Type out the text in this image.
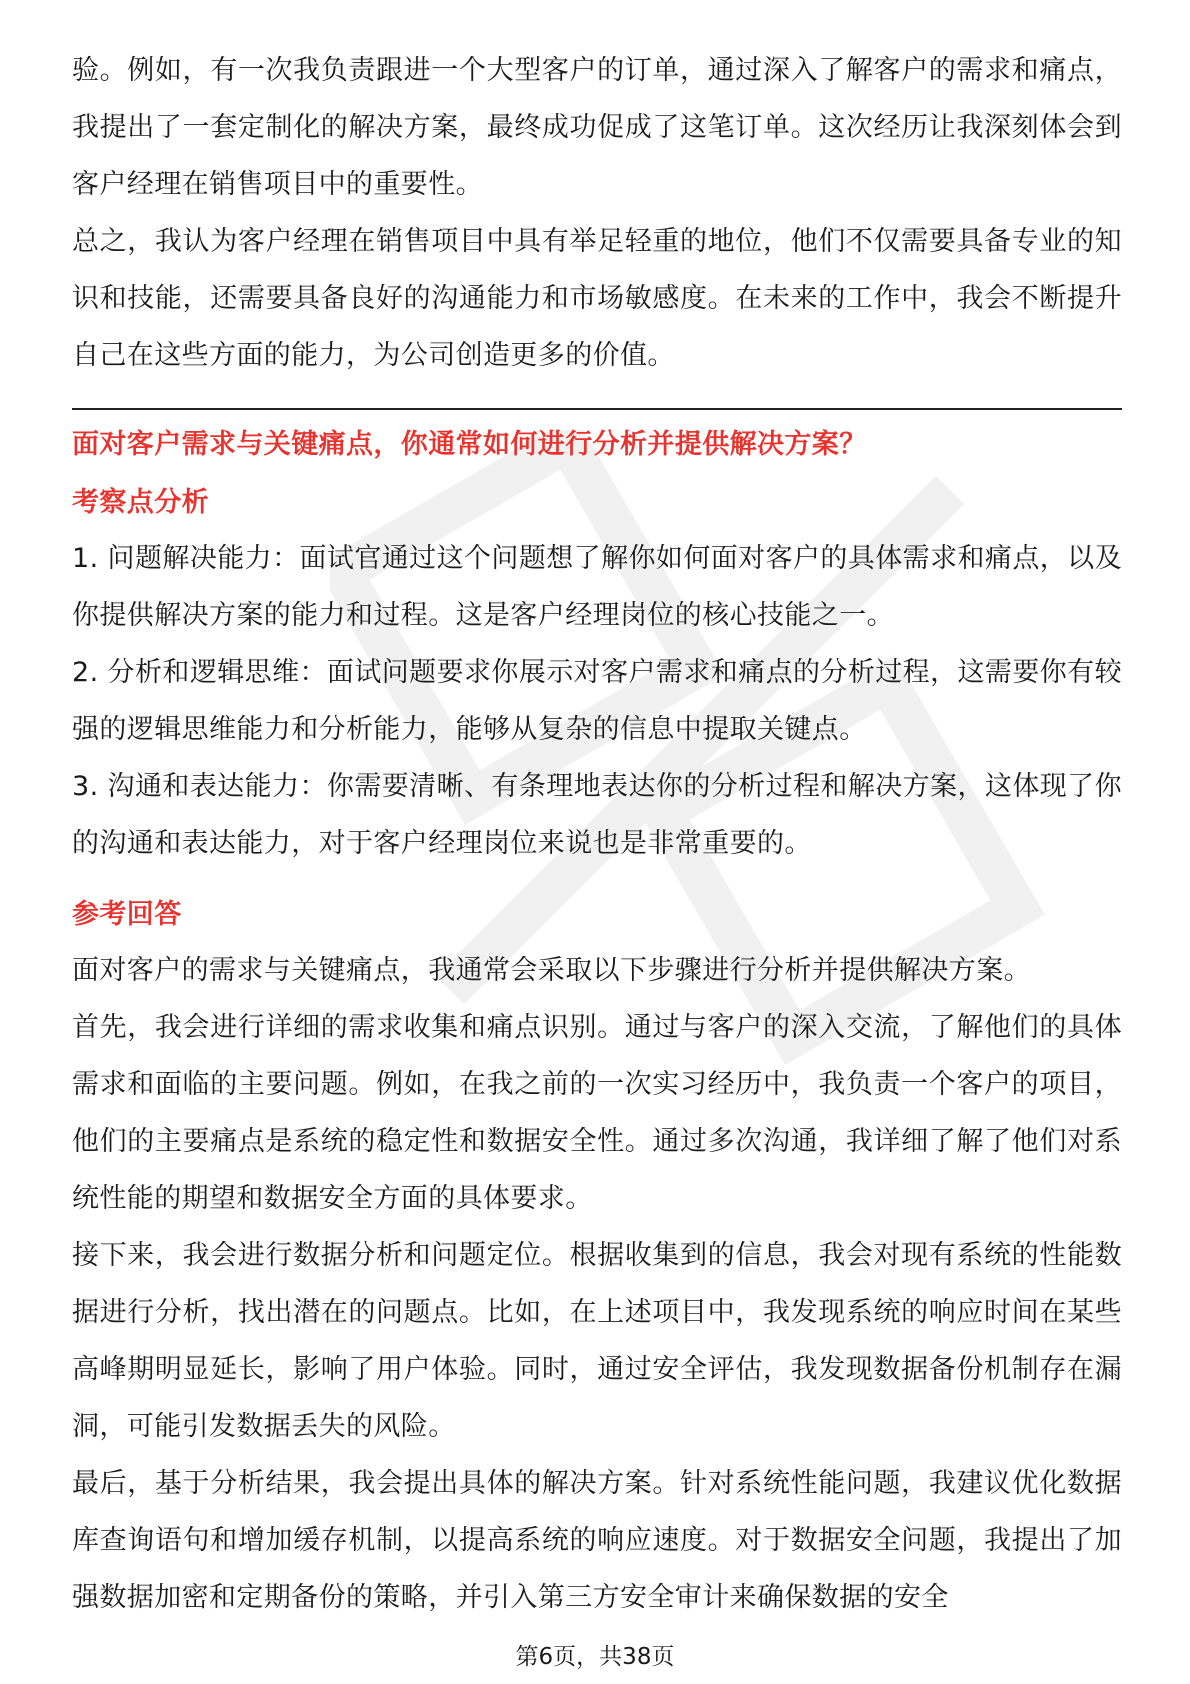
验。例如，有一次我负责跟进一个大型客户的订单，通过深入了解客户的需求和痛点，我提出了一套定制化的解决方案，最终成功促成了这笔订单。这次经历让我深刻体会到客户经理在销售项目中的重要性。

总之，我认为客户经理在销售项目中具有举足轻重的地位，他们不仅需要具备专业的知识和技能，还需要具备良好的沟通能力和市场敏感度。在未来的工作中，我会不断提升自己在这些方面的能力，为公司创造更多的价值。

面对客户需求与关键痛点，你通常如何进行分析并提供解决方案？

考察点分析

1. 问题解决能力：面试官通过这个问题想了解你如何面对客户的具体需求和痛点，以及你提供解决方案的能力和过程。这是客户经理岗位的核心技能之一。

2. 分析和逻辑思维：面试问题要求你展示对客户需求和痛点的分析过程，这需要你有较强的逻辑思维能力和分析能力，能够从复杂的信息中提取关键点。

3. 沟通和表达能力：你需要清晰、有条理地表达你的分析过程和解决方案，这体现了你的沟通和表达能力，对于客户经理岗位来说也是非常重要的。

参考回答

面对客户的需求与关键痛点，我通常会采取以下步骤进行分析并提供解决方案。

首先，我会进行详细的需求收集和痛点识别。通过与客户的深入交流，了解他们的具体需求和面临的主要问题。例如，在我之前的一次实习经历中，我负责一个客户的项目，他们的主要痛点是系统的稳定性和数据安全性。通过多次沟通，我详细了解了他们对系统性能的期望和数据安全方面的具体要求。

接下来，我会进行数据分析和问题定位。根据收集到的信息，我会对现有系统的性能数据进行分析，找出潜在的问题点。比如，在上述项目中，我发现系统的响应时间在某些高峰期明显延长，影响了用户体验。同时，通过安全评估，我发现数据备份机制存在漏洞，可能引发数据丢失的风险。

最后，基于分析结果，我会提出具体的解决方案。针对系统性能问题，我建议优化数据库查询语句和增加缓存机制，以提高系统的响应速度。对于数据安全问题，我提出了加强数据加密和定期备份的策略，并引入第三方安全审计来确保数据的安全

第6页，共38页
